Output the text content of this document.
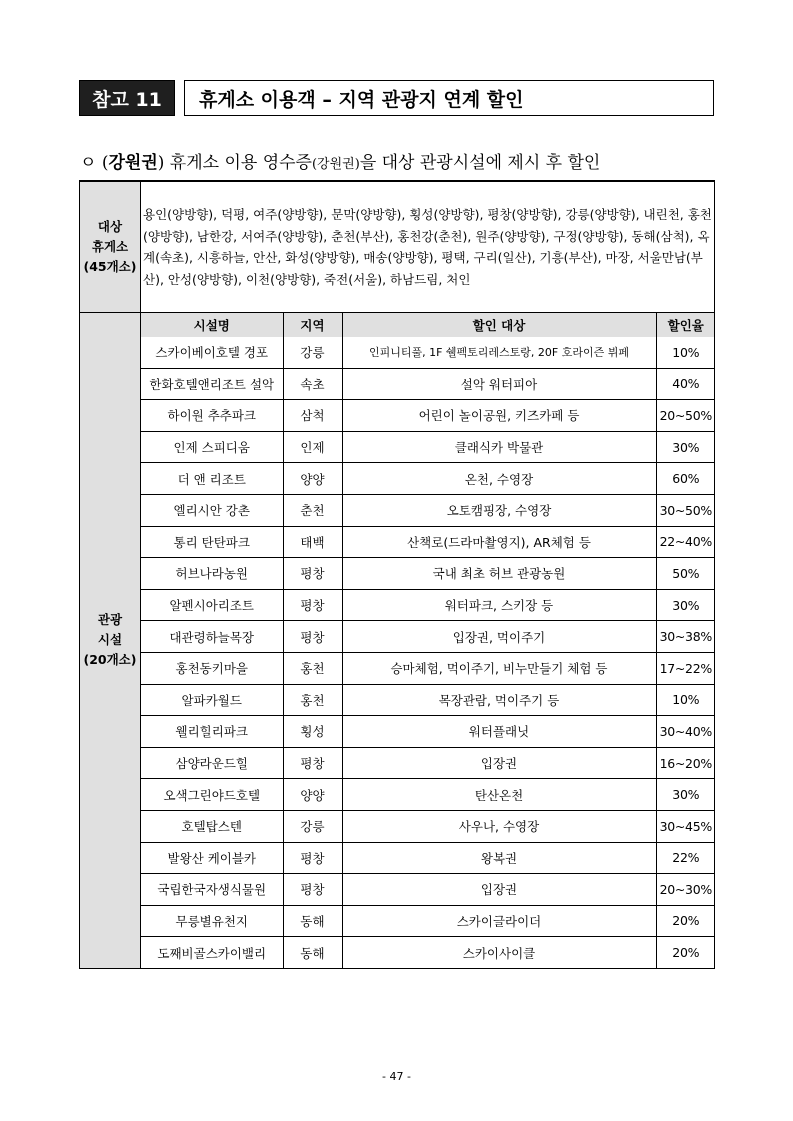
참고 11	휴게소 이용객 – 지역 관광지 연계 할인
ㅇ (강원권) 휴게소 이용 영수증(강원권)을 대상 관광시설에 제시 후 할인
대상
휴게소
(45개소)
	용인(양방향), 덕평, 여주(양방향), 문막(양방향), 횡성(양방향), 평창(양방향), 강릉(양방향), 내린천, 홍천(양방향), 남한강, 서여주(양방향), 춘천(부산), 홍천강(춘천), 원주(양방향), 구정(양방향), 동해(삼척), 옥계(속초), 시흥하늘, 안산, 화성(양방향), 매송(양방향), 평택, 구리(일산), 기흥(부산), 마장, 서울만남(부산), 안성(양방향), 이천(양방향), 죽전(서울), 하남드림, 처인

관광
시설
(20개소)

시설명	지역	할인 대상	할인율
스카이베이호텔 경포	강릉	인피니티풀, 1F 쉘펙토리레스토랑, 20F 호라이즌 뷔페	10%
한화호텔앤리조트 설악	속초	설악 워터피아	40%
하이원 추추파크	삼척	어린이 놀이공원, 키즈카페 등	20~50%
인제 스피디움	인제	클래식카 박물관	30%
더 앤 리조트	양양	온천, 수영장	60%
엘리시안 강촌	춘천	오토캠핑장, 수영장	30~50%
통리 탄탄파크	태백	산책로(드라마촬영지), AR체험 등	22~40%
허브나라농원	평창	국내 최초 허브 관광농원	50%
알펜시아리조트	평창	워터파크, 스키장 등	30%
대관령하늘목장	평창	입장권, 먹이주기	30~38%
홍천동키마을	홍천	승마체험, 먹이주기, 비누만들기 체험 등	17~22%
알파카월드	홍천	목장관람, 먹이주기 등	10%
웰리힐리파크	횡성	워터플래닛	30~40%
삼양라운드힐	평창	입장권	16~20%
오색그린야드호텔	양양	탄산온천	30%
호텔탑스텐	강릉	사우나, 수영장	30~45%
발왕산 케이블카	평창	왕복권	22%
국립한국자생식물원	평창	입장권	20~30%
무릉별유천지	동해	스카이글라이더	20%
도째비골스카이밸리	동해	스카이사이클	20%
- 47 -
